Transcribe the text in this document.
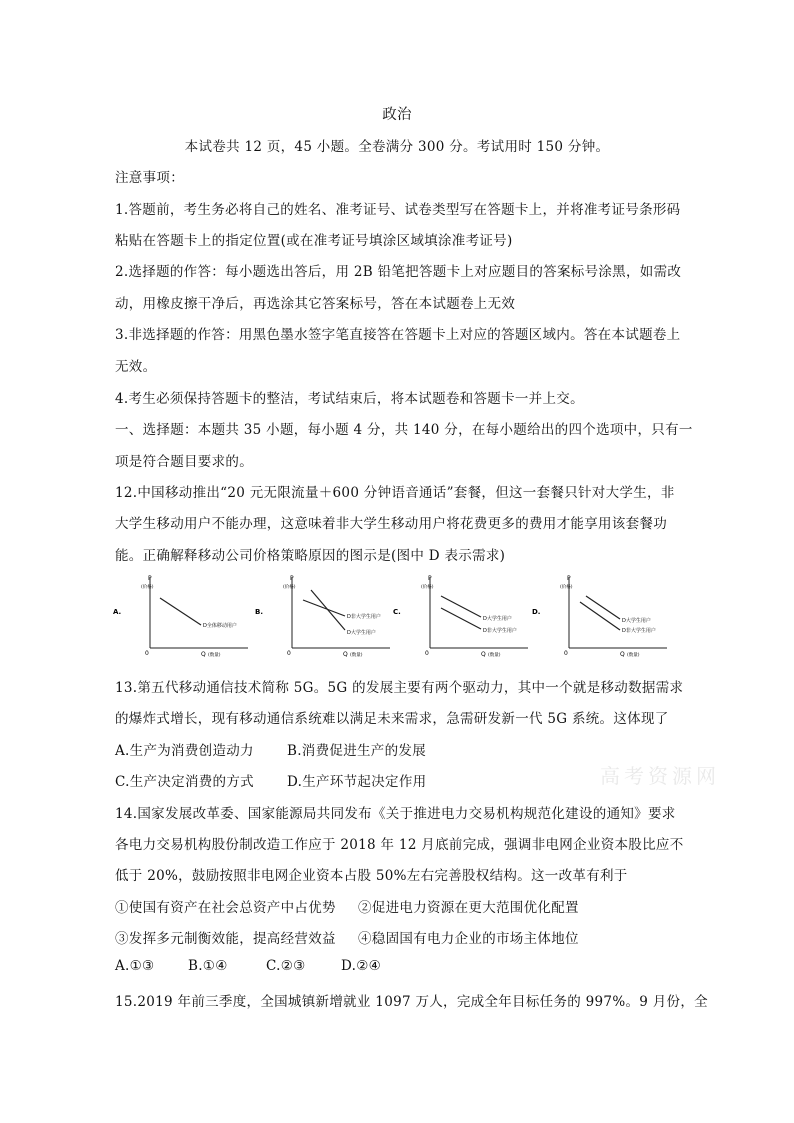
高考资源网
政治
本试卷共 12 页，45 小题。全卷满分 300 分。考试用时 150 分钟。
注意事项：
1.答题前，考生务必将自己的姓名、准考证号、试卷类型写在答题卡上，并将准考证号条形码
粘贴在答题卡上的指定位置(或在准考证号填涂区域填涂准考证号)
2.选择题的作答：每小题选出答后，用 2B 铅笔把答题卡上对应题目的答案标号涂黑，如需改
动，用橡皮擦干净后，再选涂其它答案标号，答在本试题卷上无效
3.非选择题的作答：用黑色墨水签字笔直接答在答题卡上对应的答题区域内。答在本试题卷上
无效。
4.考生必须保持答题卡的整洁，考试结束后，将本试题卷和答题卡一并上交。
一、选择题：本题共 35 小题，每小题 4 分，共 140 分，在每小题给出的四个选项中，只有一
项是符合题目要求的。
12.中国移动推出“20 元无限流量＋600 分钟语音通话”套餐，但这一套餐只针对大学生，非
大学生移动用户不能办理，这意味着非大学生移动用户将花费更多的费用才能享用该套餐功
能。正确解释移动公司价格策略原因的图示是(图中 D 表示需求)
A.
P
(价格)
0	Q (数量)
D全体移动用户
B.
P
(价格)
0	Q (数量)
D非大学生用户
D大学生用户
C.
P
(价格)
0	Q (数量)
D大学生用户
D非大学生用户
D.
P
(价格)
0	Q (数量)
D大学生用户
D非大学生用户
13.第五代移动通信技术简称 5G。5G 的发展主要有两个驱动力，其中一个就是移动数据需求
的爆炸式增长，现有移动通信系统难以满足未来需求，急需研发新一代 5G 系统。这体现了
A.生产为消费创造动力	B.消费促进生产的发展
C.生产决定消费的方式	D.生产环节起决定作用
14.国家发展改革委、国家能源局共同发布《关于推进电力交易机构规范化建设的通知》要求
各电力交易机构股份制改造工作应于 2018 年 12 月底前完成，强调非电网企业资本股比应不
低于 20%，鼓励按照非电网企业资本占股 50%左右完善股权结构。这一改革有利于
①使国有资产在社会总资产中占优势	②促进电力资源在更大范围优化配置
③发挥多元制衡效能，提高经营效益	④稳固国有电力企业的市场主体地位
A.①③	B.①④	C.②③	D.②④
15.2019 年前三季度，全国城镇新增就业 1097 万人，完成全年目标任务的 997%。9 月份，全
